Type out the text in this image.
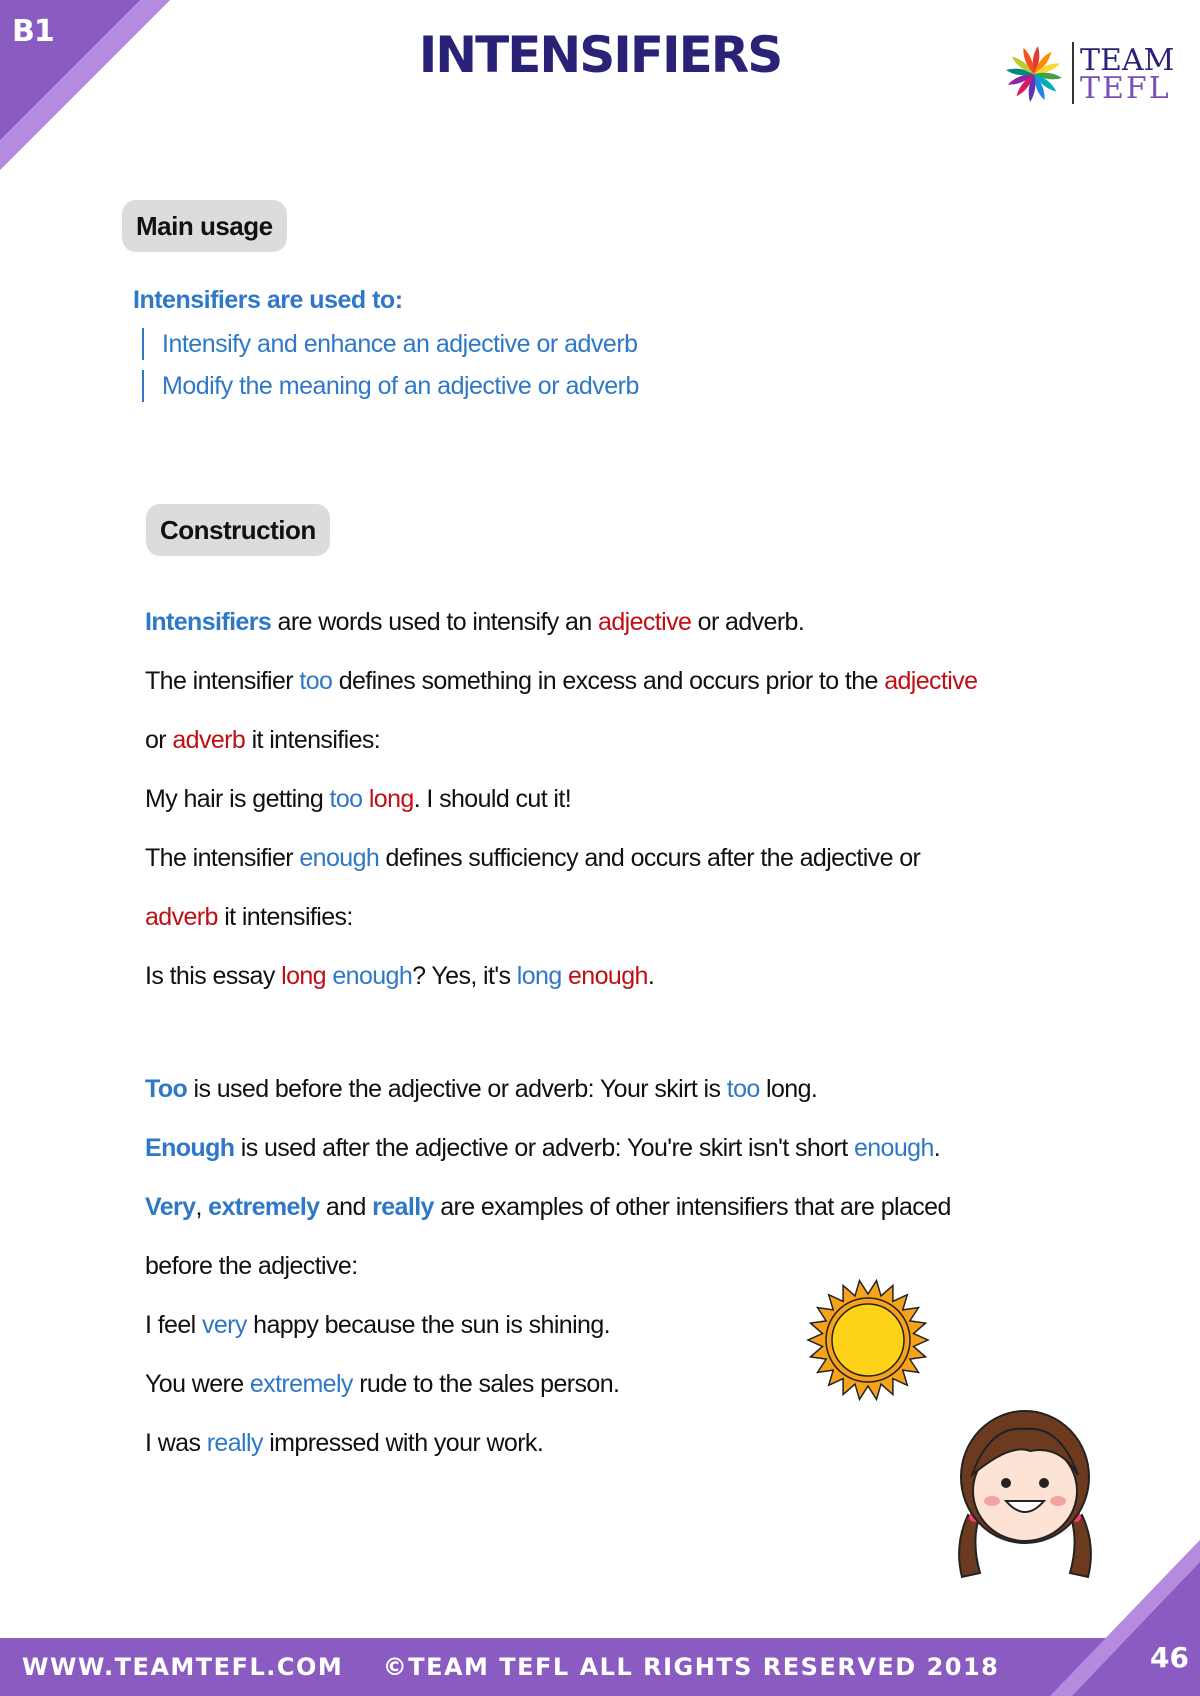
B1	INTENSIFIERS	TEAM
TEFL
Main usage
Intensifiers are used to:
Intensify and enhance an adjective or adverb
Modify the meaning of an adjective or adverb
Construction
Intensifiers are words used to intensify an adjective or adverb.
The intensifier too defines something in excess and occurs prior to the adjective
or adverb it intensifies:
My hair is getting too long. I should cut it!
The intensifier enough defines sufficiency and occurs after the adjective or
adverb it intensifies:
Is this essay long enough? Yes, it's long enough.
Too is used before the adjective or adverb: Your skirt is too long.
Enough is used after the adjective or adverb: You're skirt isn't short enough.
Very, extremely and really are examples of other intensifiers that are placed
before the adjective:
I feel very happy because the sun is shining.
You were extremely rude to the sales person.
I was really impressed with your work.
WWW.TEAMTEFL.COM    ©TEAM TEFL ALL RIGHTS RESERVED 2018	46
